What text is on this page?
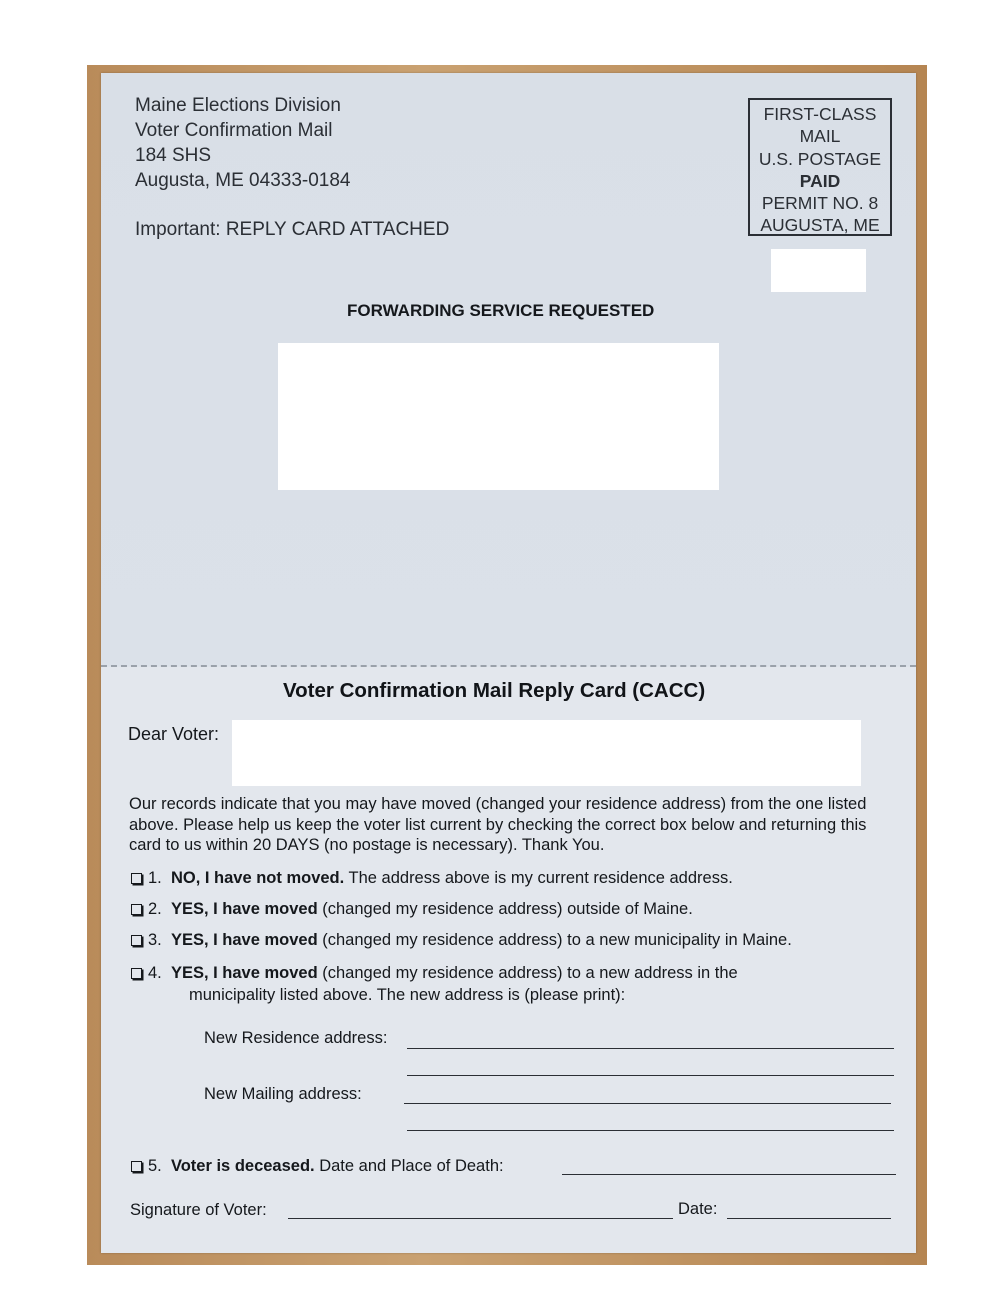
Maine Elections Division
Voter Confirmation Mail
184 SHS
Augusta, ME 04333-0184
Important: REPLY CARD ATTACHED
FIRST-CLASS
MAIL
U.S. POSTAGE
PAID
PERMIT NO. 8
AUGUSTA, ME
FORWARDING SERVICE REQUESTED
Voter Confirmation Mail Reply Card (CACC)
Dear Voter:
Our records indicate that you may have moved (changed your residence address) from the one listed above. Please help us keep the voter list current by checking the correct box below and returning this card to us within 20 DAYS (no postage is necessary). Thank You.
1. NO, I have not moved. The address above is my current residence address.
2. YES, I have moved (changed my residence address) outside of Maine.
3. YES, I have moved (changed my residence address) to a new municipality in Maine.
4. YES, I have moved (changed my residence address) to a new address in the
municipality listed above. The new address is (please print):
New Residence address:
New Mailing address:
5. Voter is deceased. Date and Place of Death:
Signature of Voter:	Date:
